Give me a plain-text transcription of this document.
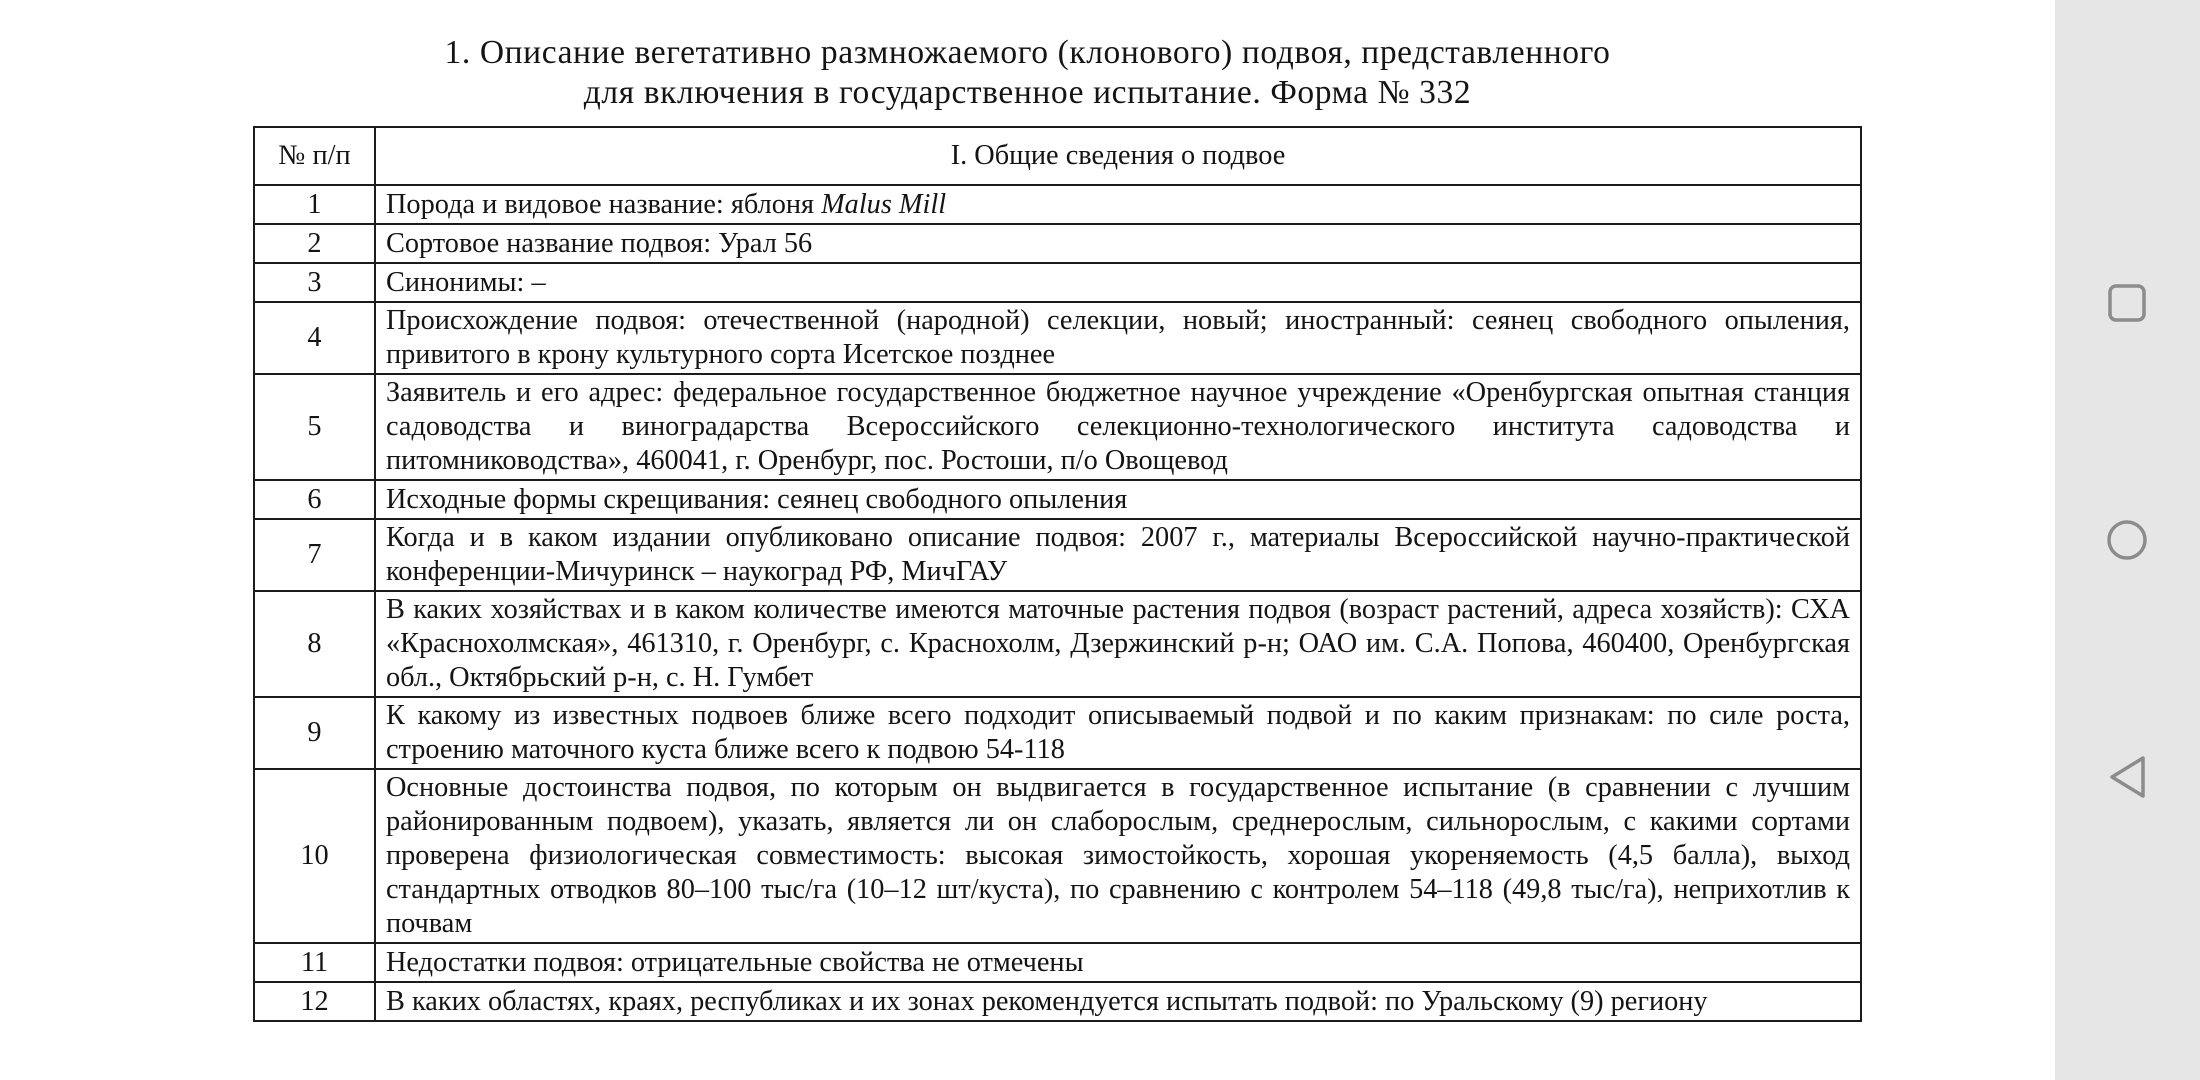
1. Описание вегетативно размножаемого (клонового) подвоя, представленного
для включения в государственное испытание. Форма № 332
№ п/п	I. Общие сведения о подвое
1	Порода и видовое название: яблоня Malus Mill
2	Сортовое название подвоя: Урал 56
3	Синонимы: –
4	Происхождение подвоя: отечественной (народной) селекции, новый; иностранный: сеянец свободного опыления, привитого в крону культурного сорта Исетское позднее
5	Заявитель и его адрес: федеральное государственное бюджетное научное учреждение «Оренбургская опытная станция садоводства и виноградарства Всероссийского селекционно-технологического института садоводства и питомниководства», 460041, г. Оренбург, пос. Ростоши, п/о Овощевод
6	Исходные формы скрещивания: сеянец свободного опыления
7	Когда и в каком издании опубликовано описание подвоя: 2007 г., материалы Всероссийской научно-практической конференции-Мичуринск – наукоград РФ, МичГАУ
8	В каких хозяйствах и в каком количестве имеются маточные растения подвоя (возраст растений, адреса хозяйств): СХА «Краснохолмская», 461310, г. Оренбург, с. Краснохолм, Дзержинский р-н; ОАО им. С.А. Попова, 460400, Оренбургская обл., Октябрьский р-н, с. Н. Гумбет
9	К какому из известных подвоев ближе всего подходит описываемый подвой и по каким признакам: по силе роста, строению маточного куста ближе всего к подвою 54-118
10	Основные достоинства подвоя, по которым он выдвигается в государственное испытание (в сравнении с лучшим районированным подвоем), указать, является ли он слаборослым, среднерослым, сильнорослым, с какими сортами проверена физиологическая совместимость: высокая зимостойкость, хорошая укореняемость (4,5 балла), выход стандартных отводков 80–100 тыс/га (10–12 шт/куста), по сравнению с контролем 54–118 (49,8 тыс/га), неприхотлив к почвам
11	Недостатки подвоя: отрицательные свойства не отмечены
12	В каких областях, краях, республиках и их зонах рекомендуется испытать подвой: по Уральскому (9) региону
